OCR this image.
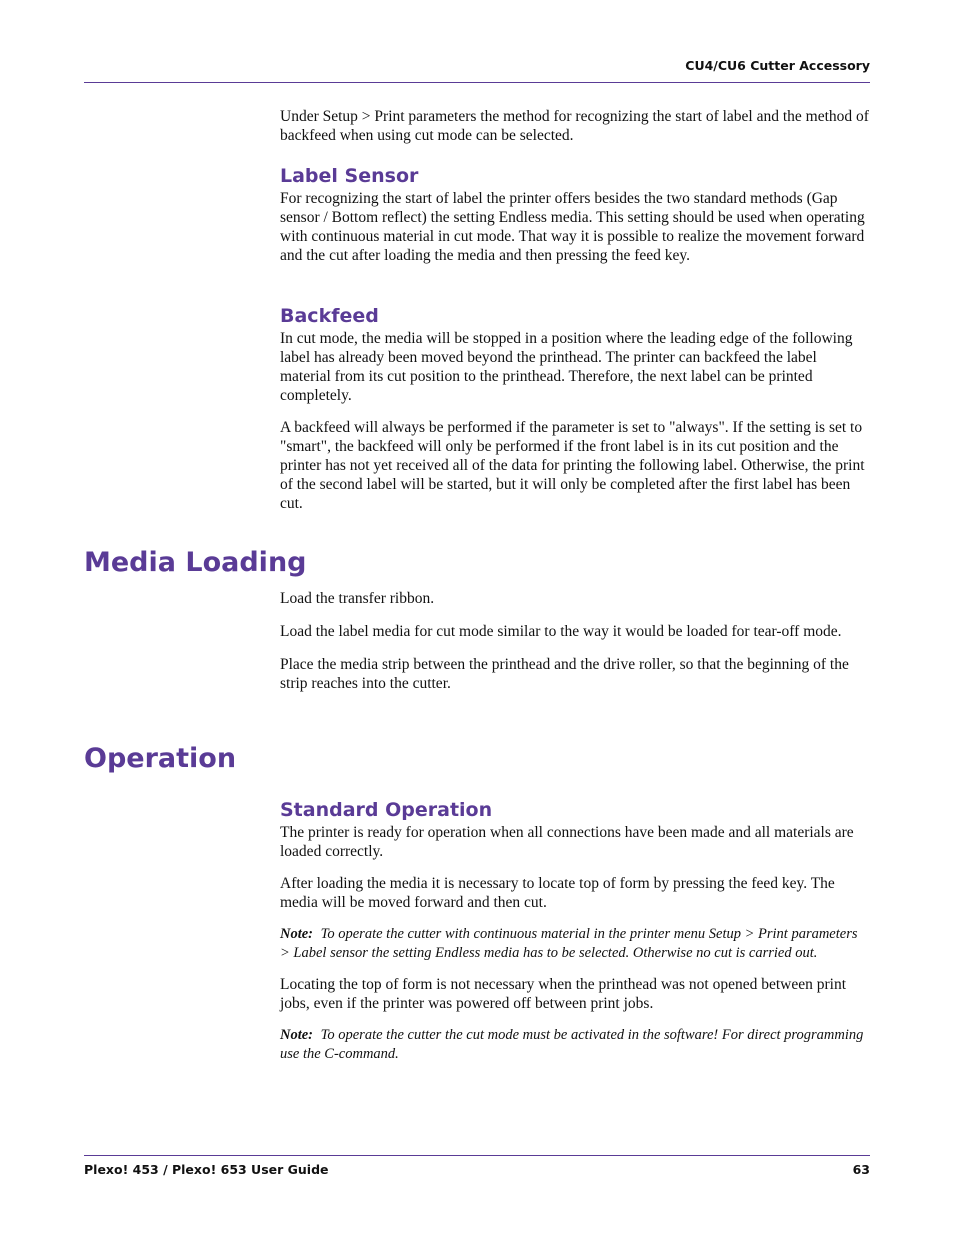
CU4/CU6 Cutter Accessory

Under Setup > Print parameters the method for recognizing the start of label and the method of backfeed when using cut mode can be selected.

Label Sensor

For recognizing the start of label the printer offers besides the two standard methods (Gap sensor / Bottom reflect) the setting Endless media. This setting should be used when operating with continuous material in cut mode. That way it is possible to realize the movement forward and the cut after loading the media and then pressing the feed key.

Backfeed

In cut mode, the media will be stopped in a position where the leading edge of the following label has already been moved beyond the printhead. The printer can backfeed the label material from its cut position to the printhead. Therefore, the next label can be printed completely.

A backfeed will always be performed if the parameter is set to "always". If the setting is set to "smart", the backfeed will only be performed if the front label is in its cut position and the printer has not yet received all of the data for printing the following label. Otherwise, the print of the second label will be started, but it will only be completed after the first label has been cut.

Media Loading

Load the transfer ribbon.

Load the label media for cut mode similar to the way it would be loaded for tear-off mode.

Place the media strip between the printhead and the drive roller, so that the beginning of the strip reaches into the cutter.

Operation
Standard Operation

The printer is ready for operation when all connections have been made and all materials are loaded correctly.

After loading the media it is necessary to locate top of form by pressing the feed key. The media will be moved forward and then cut.

Note: To operate the cutter with continuous material in the printer menu Setup > Print parameters > Label sensor the setting Endless media has to be selected. Otherwise no cut is carried out.

Locating the top of form is not necessary when the printhead was not opened between print jobs, even if the printer was powered off between print jobs.

Note: To operate the cutter the cut mode must be activated in the software! For direct programming use the C-command.

Plexo! 453 / Plexo! 653 User Guide	63
